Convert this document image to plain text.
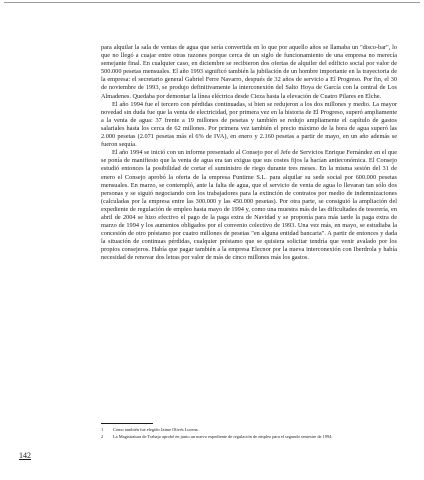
para alquilar la sala de ventas de agua que sería convertida en lo que por aquello años se llamaba un "disco-bar", lo que no llegó a cuajar entre otras razones porque cerca de un siglo de funcionamiento de una empresa no merecía semejante final. En cualquier caso, en diciembre se recibieron dos ofertas de alquiler del edificio social por valor de 500.000 pesetas mensuales. El año 1993 significó también la jubilación de un hombre importante en la trayectoria de la empresa: el secretario general Gabriel Ferre Navarro, después de 32 años de servicio a El Progreso. Por fin, el 30 de noviembre de 1993, se produjo definitivamente la interconexión del Salto Hoya de García con la central de Los Almadenes. Quedaba por demontar la línea eléctrica desde Cieza hasta la elevación de Cuatro Pilares en Elche.

El año 1994 fue el tercero con pérdidas continuadas, si bien se redujeron a los dos millones y medio. La mayor novedad sin duda fue que la venta de electricidad, por primera vez en la historia de El Progreso, superó ampliamente a la venta de agua: 37 frente a 19 millones de pesetas y también se redujo ampliamente el capítulo de gastos salariales hasta los cerca de 62 millones. Por primera vez también el precio máximo de la hora de agua superó las 2.000 pesetas (2.071 pesetas más el 6% de IVA), en enero y 2.160 pesetas a partir de mayo, en un año además se fueron sequía.

El año 1994 se inició con un informe presentado al Consejo por el Jefe de Servicios Enrique Fernández en el que se ponía de manifiesto que la venta de agua era tan exigua que sus costes fijos la hacían antieconómica. El Consejo estudió entonces la posibilidad de cortar el suministro de riego durante tres meses. En la misma sesión del 31 de enero el Consejo aprobó la oferta de la empresa Funtime S.L. para alquilar su sede social por 600.000 pesetas mensuales. En marzo, se contempló, ante la falta de agua, que el servicio de venta de agua lo llevaran tan sólo dos personas y se siguió negociando con los trabajadores para la extinción de contratos por medio de indemnizaciones (calculadas por la empresa entre las 300.000 y las 450.000 pesetas). Por otra parte, se consiguió la ampliación del expediente de regulación de empleo hasta mayo de 1994 y, como una muestra más de las dificultades de tesorería, en abril de 2004 se hizo efectivo el pago de la paga extra de Navidad y se proponía para más tarde la paga extra de marzo de 1994 y los aumentos obligados por el convenio colectivo de 1993. Una vez más, en mayo, se estudiaba la concesión de otro préstamo por cuatro millones de pesetas "en alguna entidad bancaria". A partir de entonces y dada la situación de continuas pérdidas, cualquier préstamo que se quisiera solicitar tendría que venir avalado por los propios consejeros. Había que pagar también a la empresa Elecnor por la nueva interconexión con Iberdrola y había necesidad de renovar dos letras por valor de más de cinco millones más los gastos.

1 Como también fue elegido Jaime Olivés Lucena.

2 La Magistratura de Trabajo aprobó en junio un nuevo expediente de regulación de empleo para el segundo semestre de 1994.

142
